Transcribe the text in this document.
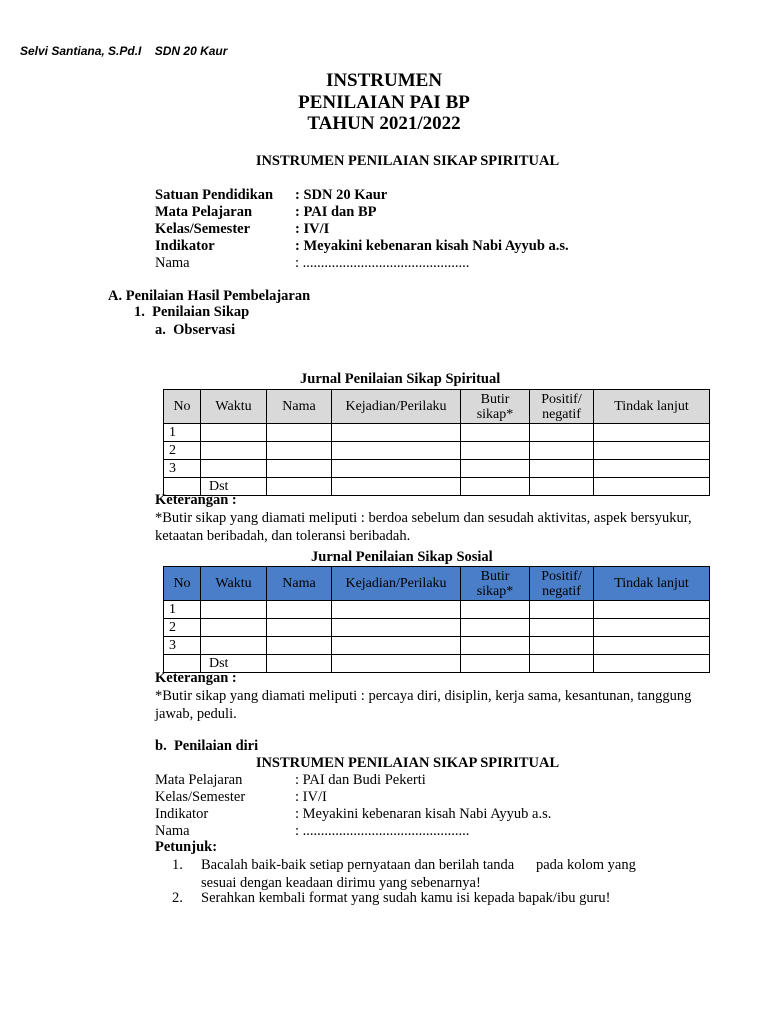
Selvi Santiana, S.Pd.I SDN 20 Kaur
INSTRUMEN
PENILAIAN PAI BP
TAHUN 2021/2022
INSTRUMEN PENILAIAN SIKAP SPIRITUAL
Satuan Pendidikan : SDN 20 Kaur
Mata Pelajaran	: PAI dan BP
Kelas/Semester	: IV/I
Indikator	: Meyakini kebenaran kisah Nabi Ayyub a.s.
Nama	: ..............................................
A. Penilaian Hasil Pembelajaran
1. Penilaian Sikap
a. Observasi
Jurnal Penilaian Sikap Spiritual
No	Waktu	Nama	Kejadian/Perilaku	Butir sikap*	Positif/ negatif	Tindak lanjut
1						
2						
3						
	Dst					
Keterangan :
*Butir sikap yang diamati meliputi : berdoa sebelum dan sesudah aktivitas, aspek bersyukur, ketaatan beribadah, dan toleransi beribadah.
Jurnal Penilaian Sikap Sosial
No	Waktu	Nama	Kejadian/Perilaku	Butir sikap*	Positif/ negatif	Tindak lanjut
1						
2						
3						
	Dst					
Keterangan :
*Butir sikap yang diamati meliputi : percaya diri, disiplin, kerja sama, kesantunan, tanggung jawab, peduli.
b. Penilaian diri
INSTRUMEN PENILAIAN SIKAP SPIRITUAL
Mata Pelajaran	: PAI dan Budi Pekerti
Kelas/Semester	: IV/I
Indikator	: Meyakini kebenaran kisah Nabi Ayyub a.s.
Nama	: ..............................................
Petunjuk:
1. Bacalah baik-baik setiap pernyataan dan berilah tanda      pada kolom yang
sesuai dengan keadaan dirimu yang sebenarnya!
2. Serahkan kembali format yang sudah kamu isi kepada bapak/ibu guru!
